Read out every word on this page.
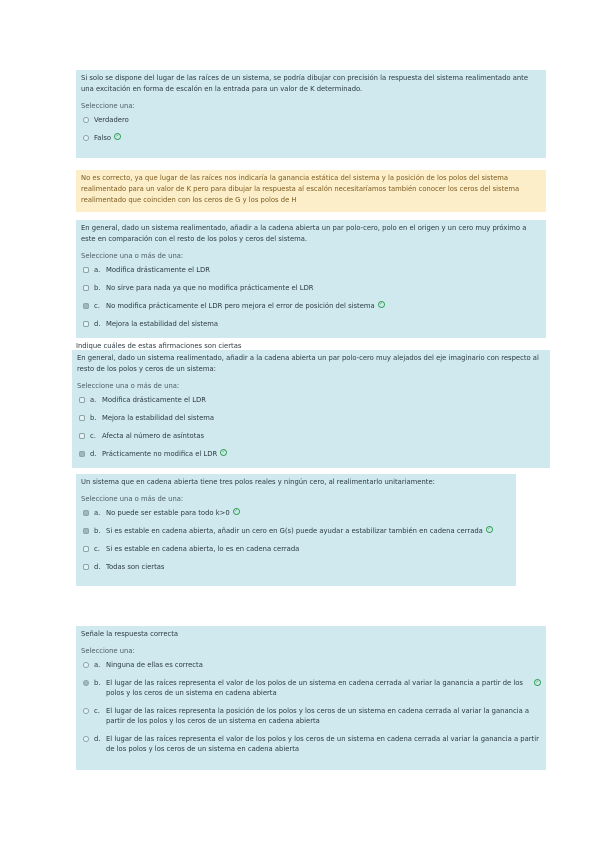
Si solo se dispone del lugar de las raíces de un sistema, se podría dibujar con precisión la respuesta del sistema realimentado ante una excitación en forma de escalón en la entrada para un valor de K determinado.

Seleccione una:

Verdadero
Falso ✓

No es correcto, ya que lugar de las raíces nos indicaría la ganancia estática del sistema y la posición de los polos del sistema realimentado para un valor de K pero para dibujar la respuesta al escalón necesitaríamos también conocer los ceros del sistema realimentado que coinciden con los ceros de G y los polos de H

En general, dado un sistema realimentado, añadir a la cadena abierta un par polo-cero, polo en el origen y un cero muy próximo a este en comparación con el resto de los polos y ceros del sistema.

Seleccione una o más de una:

a. Modifica drásticamente el LDR
b. No sirve para nada ya que no modifica prácticamente el LDR
c. No modifica prácticamente el LDR pero mejora el error de posición del sistema ✓
d. Mejora la estabilidad del sistema
Indique cuáles de estas afirmaciones son ciertas

En general, dado un sistema realimentado, añadir a la cadena abierta un par polo-cero muy alejados del eje imaginario con respecto al resto de los polos y ceros de un sistema:

Seleccione una o más de una:

a. Modifica drásticamente el LDR
b. Mejora la estabilidad del sistema
c. Afecta al número de asíntotas
d. Prácticamente no modifica el LDR ✓

Un sistema que en cadena abierta tiene tres polos reales y ningún cero, al realimentarlo unitariamente:

Seleccione una o más de una:

a. No puede ser estable para todo k>0 ✓
b. Si es estable en cadena abierta, añadir un cero en G(s) puede ayudar a estabilizar también en cadena cerrada ✓
c. Si es estable en cadena abierta, lo es en cadena cerrada
d. Todas son ciertas

Señale la respuesta correcta

Seleccione una:

a. Ninguna de ellas es correcta
b. El lugar de las raíces representa el valor de los polos de un sistema en cadena cerrada al variar la ganancia a partir de los polos y los ceros de un sistema en cadena abierta
✓
c. El lugar de las raíces representa la posición de los polos y los ceros de un sistema en cadena cerrada al variar la ganancia a partir de los polos y los ceros de un sistema en cadena abierta
d. El lugar de las raíces representa el valor de los polos y los ceros de un sistema en cadena cerrada al variar la ganancia a partir de los polos y los ceros de un sistema en cadena abierta
